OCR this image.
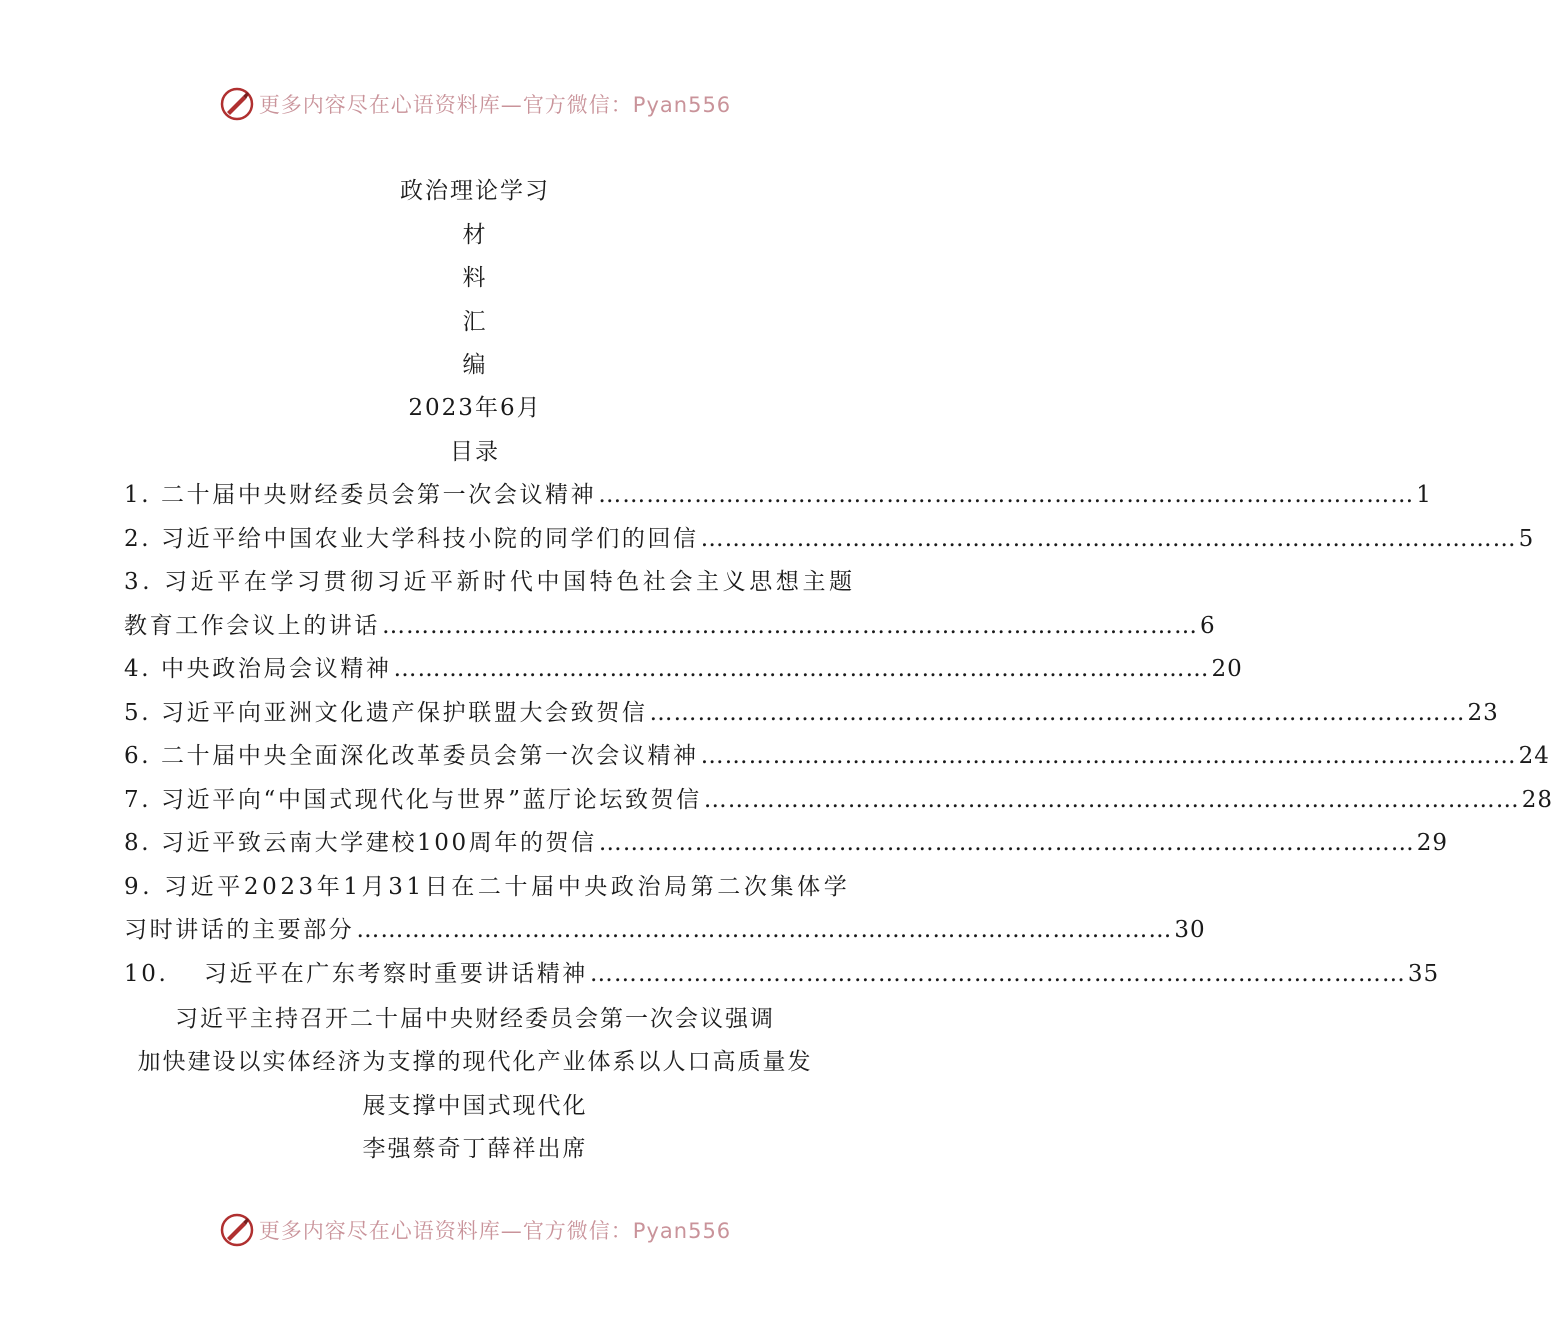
更多内容尽在心语资料库—官方微信：Pyan556
政治理论学习
材
料
汇
编
2023年6月
目录
1. 二十届中央财经委员会第一次会议精神 ………………………………………………………………………………………… 1
2. 习近平给中国农业大学科技小院的同学们的回信 ………………………………………………………………………………………… 5
3. 习近平在学习贯彻习近平新时代中国特色社会主义思想主题
教育工作会议上的讲话 ………………………………………………………………………………………… 6
4. 中央政治局会议精神 ………………………………………………………………………………………… 20
5. 习近平向亚洲文化遗产保护联盟大会致贺信 ………………………………………………………………………………………… 23
6. 二十届中央全面深化改革委员会第一次会议精神 ………………………………………………………………………………………… 24
7. 习近平向“中国式现代化与世界”蓝厅论坛致贺信 ………………………………………………………………………………………… 28
8. 习近平致云南大学建校100周年的贺信 ………………………………………………………………………………………… 29
9. 习近平2023年1月31日在二十届中央政治局第二次集体学
习时讲话的主要部分 ………………………………………………………………………………………… 30
10.　 习近平在广东考察时重要讲话精神 ………………………………………………………………………………………… 35
习近平主持召开二十届中央财经委员会第一次会议强调
加快建设以实体经济为支撑的现代化产业体系以人口高质量发
展支撑中国式现代化
李强蔡奇丁薛祥出席
更多内容尽在心语资料库—官方微信：Pyan556
